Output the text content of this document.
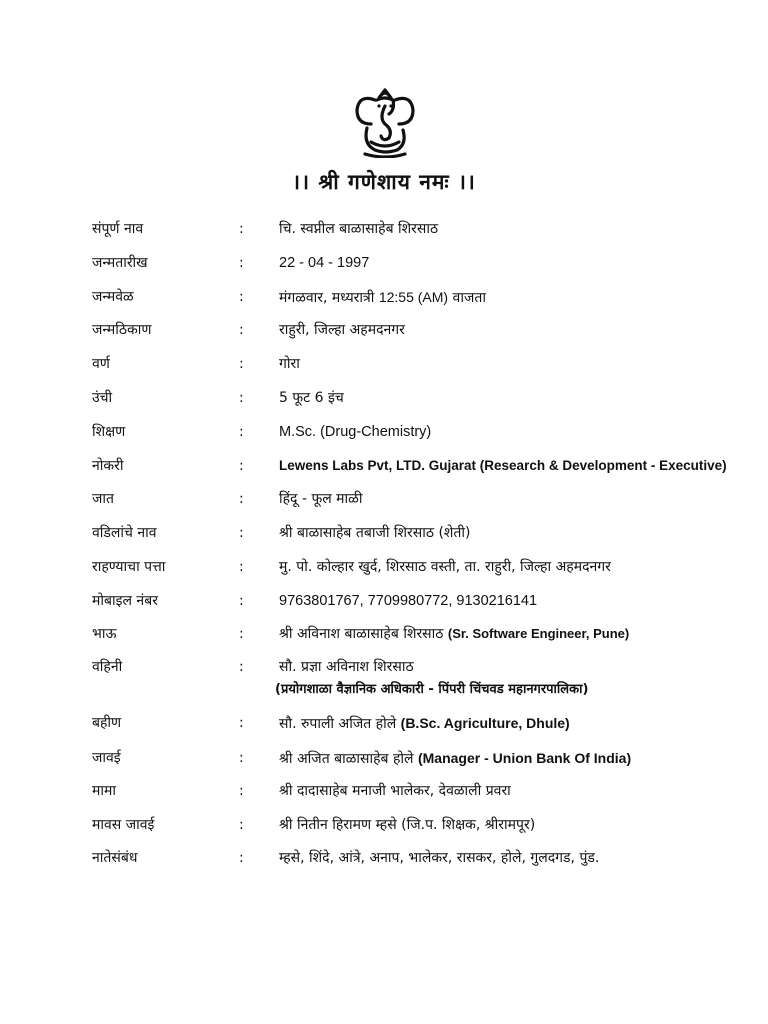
।। श्री गणेशाय नमः ।।
संपूर्ण नाव	:	चि. स्वप्नील बाळासाहेब शिरसाठ
जन्मतारीख	: 22 - 04 - 1997
जन्मवेळ	:	मंगळवार, मध्यरात्री 12:55 (AM) वाजता
जन्मठिकाण	:	राहुरी, जिल्हा अहमदनगर
वर्ण	:	गोरा
उंची	:	5 फूट 6 इंच
शिक्षण	: M.Sc. (Drug-Chemistry)
नोकरी	:	Lewens Labs Pvt, LTD. Gujarat (Research & Development - Executive)
जात	:	हिंदू - फूल माळी
वडिलांचे नाव	:	श्री बाळासाहेब तबाजी शिरसाठ (शेती)
राहण्याचा पत्ता	:	मु. पो. कोल्हार खुर्द, शिरसाठ वस्ती, ता. राहुरी, जिल्हा अहमदनगर
मोबाइल नंबर	: 9763801767, 7709980772, 9130216141
भाऊ	:	श्री अविनाश बाळासाहेब शिरसाठ (Sr. Software Engineer, Pune)
वहिनी	:	सौ. प्रज्ञा अविनाश शिरसाठ
(प्रयोगशाळा वैज्ञानिक अधिकारी - पिंपरी चिंचवड महानगरपालिका)
बहीण	:	सौ. रुपाली अजित होले (B.Sc. Agriculture, Dhule)
जावई	:	श्री अजित बाळासाहेब होले (Manager - Union Bank Of India)
मामा	:	श्री दादासाहेब मनाजी भालेकर, देवळाली प्रवरा
मावस जावई	:	श्री नितीन हिरामण म्हसे (जि.प. शिक्षक, श्रीरामपूर)
नातेसंबंध	:	म्हसे, शिंदे, आंत्रे, अनाप, भालेकर, रासकर, होले, गुलदगड, पुंड.
